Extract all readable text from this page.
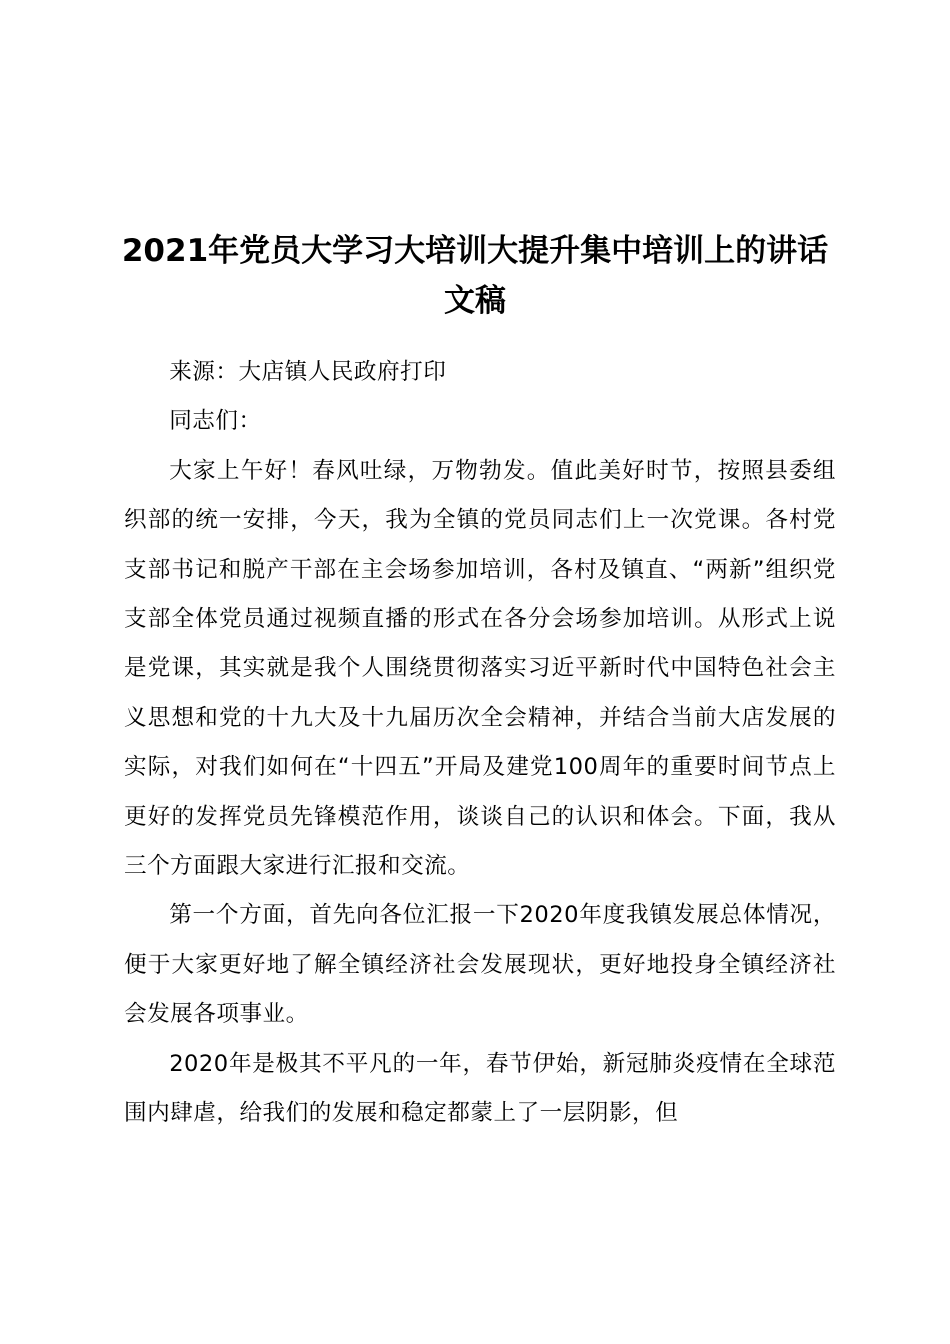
2021年党员大学习大培训大提升集中培训上的讲话文稿

来源：大店镇人民政府打印

同志们：

大家上午好！春风吐绿，万物勃发。值此美好时节，按照县委组织部的统一安排，今天，我为全镇的党员同志们上一次党课。各村党支部书记和脱产干部在主会场参加培训，各村及镇直、“两新”组织党支部全体党员通过视频直播的形式在各分会场参加培训。从形式上说是党课，其实就是我个人围绕贯彻落实习近平新时代中国特色社会主义思想和党的十九大及十九届历次全会精神，并结合当前大店发展的实际，对我们如何在“十四五”开局及建党100周年的重要时间节点上更好的发挥党员先锋模范作用，谈谈自己的认识和体会。下面，我从三个方面跟大家进行汇报和交流。

第一个方面，首先向各位汇报一下2020年度我镇发展总体情况，便于大家更好地了解全镇经济社会发展现状，更好地投身全镇经济社会发展各项事业。

2020年是极其不平凡的一年，春节伊始，新冠肺炎疫情在全球范围内肆虐，给我们的发展和稳定都蒙上了一层阴影，但
